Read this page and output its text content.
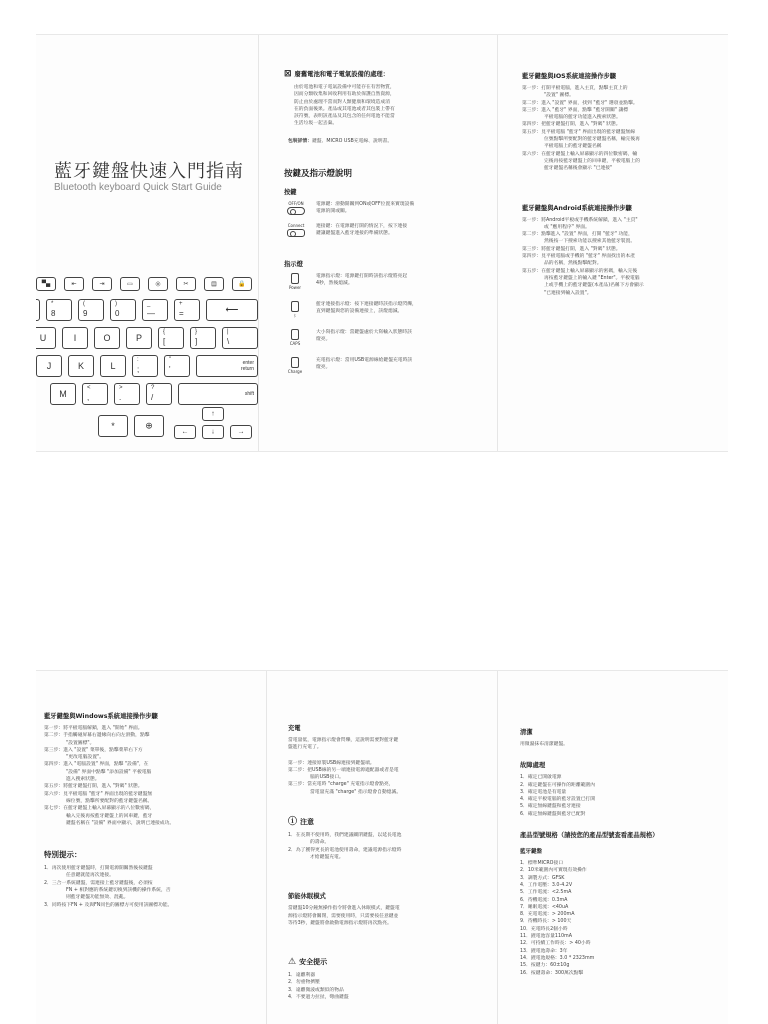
藍牙鍵盤快速入門指南
Bluetooth keyboard Quick Start Guide
▀▄	⇤	⇥	▭	◎	✂	▤	🔒
*
8
(
9
)
0
_
—
+
=	⟵
U	I	O	P
{
[
}
]
|
\
J	K	L
:
;
"
'
enter
return
M
<
,
>
.
?
/	shift
*	⊕
↑
←	↓	→
⊠ 廢舊電池和電子電氣設備的處理：
由於電池和電子電氣設備中可能存在有害物質，
因而分類收集和回收利用有助於保護自然資源，
防止由於處理不當而對人類健康和環境造成消
在的負面後果。產品或其電池或者其包裝上帶有
該符號，表明該產品及其包含的任何電池不能當
生活垃圾一起丟棄。
包裝詳情：鍵盤、MICRO USB充電線、說明書。
按鍵及指示燈說明
按鍵
OFF/ON	電源鍵：滑動開關到ON或OFF位置來實現設備
電源的開或關。
Connect	連接鍵：在電源鍵打開的情況下，按下連接
鍵讓鍵盤進入藍牙連接的準備狀態。
指示燈
Power
電源指示燈：電源鍵打開時該指示燈將亮起
4秒，然後熄滅。
ᛒ
藍牙連接指示燈：按下連接鍵時該指示燈閃爍，
直到鍵盤與您的設備連接上，該燈熄滅。
CAPS
大小寫指示燈：當鍵盤處於大寫輸入狀態時該
燈亮。
Charge
充電指示燈：當用USB電源線給鍵盤充電時該
燈亮。
藍牙鍵盤與IOS系統連接操作步驟
第一步：打開平板電腦，進入主頁，點擊主頁上的
"設置" 圖標。
第二步：進入 "設置" 界面，找到 "藍牙" 選項並點擊。
第三步：進入 "藍牙" 界面，點擊 "藍牙開關" 讓標
平板電腦的藍牙功能進入搜索狀態。
第四步：把藍牙鍵盤打開，進入 "對碼" 狀態。
第五步：見平板電腦 "藍牙" 界面出現的藍牙鍵盤無線
位號點擊所要配對的藍牙鍵盤名稱，輸完後再
平板電腦上的藍牙鍵盤名稱
第六步：在藍牙鍵盤上輸入屏幕顯示的四位數密碼，輸
完後再按藍牙鍵盤上的回車鍵，平板電腦上的
藍牙鍵盤名稱後會顯示 "已連接"
藍牙鍵盤與Android系統連接操作步驟
第一步：將Android平板或手機系統解鎖，進入 "主頁"
或 "應用程序" 界面。
第二步：點擊進入 "設置" 界面，打開 "藍牙" 功能，
然後按一下搜索功能以搜索其他藍牙裝置。
第三步：將藍牙鍵盤打開，進入 "對碼" 狀態。
第四步：見平板電腦或手機的 "藍牙" 界面找出的本產
品的名稱，然後點擊配對。
第五步：在藍牙鍵盤上輸入屏幕顯示的密碼，輸入完後
再按藍牙鍵盤上的輸入鍵 "Enter"。平板電腦
上或手機上的藍牙鍵盤(本產品)名稱下方會顯示
"已連接到輸入設置"。
藍牙鍵盤與Windows系統連接操作步驟
第一步：將平板電腦解鎖，進入 "開始" 界面。
第二步：手指觸碰屏幕右邊緣向右向左滑動，點擊
"設置圖標"。
第三步：進入 "設置" 菜單後，點擊菜單右下方
"更改電腦設置"。
第四步：進入 "電腦設置" 界面，點擊 "設備"，在
"設備" 界面中點擊 "添加設備" 平板電腦
進入搜索狀態。
第五步：將藍牙鍵盤打開，進入 "對碼" 狀態。
第六步：見平板電腦 "藍牙" 界面出現的藍牙鍵盤無
線位號，點擊所要配對的藍牙鍵盤名稱。
第七步：在藍牙鍵盤上輸入屏幕顯示的八位數密碼，
輸入完後再按藍牙鍵盤上的回車鍵，藍牙
鍵盤名稱在 "設備" 界面中顯示，說明已連接成功。
特別提示：
1．再次使用藍牙鍵盤時，打開電源開關然後按鍵盤
任意鍵就能再次連接。
2．三合一系統鍵盤，需連接上藍牙鍵盤後，必須按
FN + 相對應的系統鍵切換到該機的操作系統，否
則藍牙鍵盤功能無效、混亂。
3．同時按下FN + 及與FN同色的圖標方可使用該圖標功能。
充電
當電量低，電源指示燈會閃爍，這說明需要對藍牙鍵
盤進行充電了。
第一步：連接原裝USB線連接到鍵盤端。
第二步：把USB線的另一端連接電源適配器或者是電
腦的USB接口。
第三步：當充電時 "charge" 充電指示燈會點亮，
當電量充滿 "charge" 指示燈會自動熄滅。
ⓘ 注意
1．在長期不使用時，我們建議關閉鍵盤，以延長電池
的壽命。
2．為了獲得更長的電池使用壽命，建議電源指示燈時
才給鍵盤充電。
節能休眠模式
當鍵盤10分鐘無操作指令將會進入休眠模式，鍵盤電
源指示燈將會關閉，需要使用時，只需要按任意鍵並
等待3秒，鍵盤將會啟動電源指示燈將再次點亮。
⚠ 安全提示
1．遠離利器
2．勿重物擠壓
3．遠離微波或類似的物品
4．不要過力拉扯，彎曲鍵盤
清潔
用微濕抹布清潔鍵盤。
故障處理
1．確定已開啟電源
2．確定鍵盤在可操作的距離範圍內
3．確定電池是有電量
4．確定平板電腦的藍牙設置已打開
5．確定無線鍵盤和藍牙連接
6．確定無線鍵盤與藍牙已配對
產品型號規格（請按您的產品型號查看產品規格）
藍牙鍵盤
1．標準MICRO接口
2．10米範圍內可實現有效操作
3．調製方式：GFSK
4．工作電壓：3.0-4.2V
5．工作電流：<2.5mA
6．待機電流：0.3mA
7．睡眠電流：<40uA
8．充電電流：> 200mA
9．待機時長：> 100天
10．充電時長2個小時
11．鋰電池容量110mA
12．可持續工作時長：> 40小時
13．鋰電池壽命：3年
14．鋰電池規格：3.0 * 2323mm
15．按鍵力：60±10g
16．按鍵壽命：300萬次點擊
